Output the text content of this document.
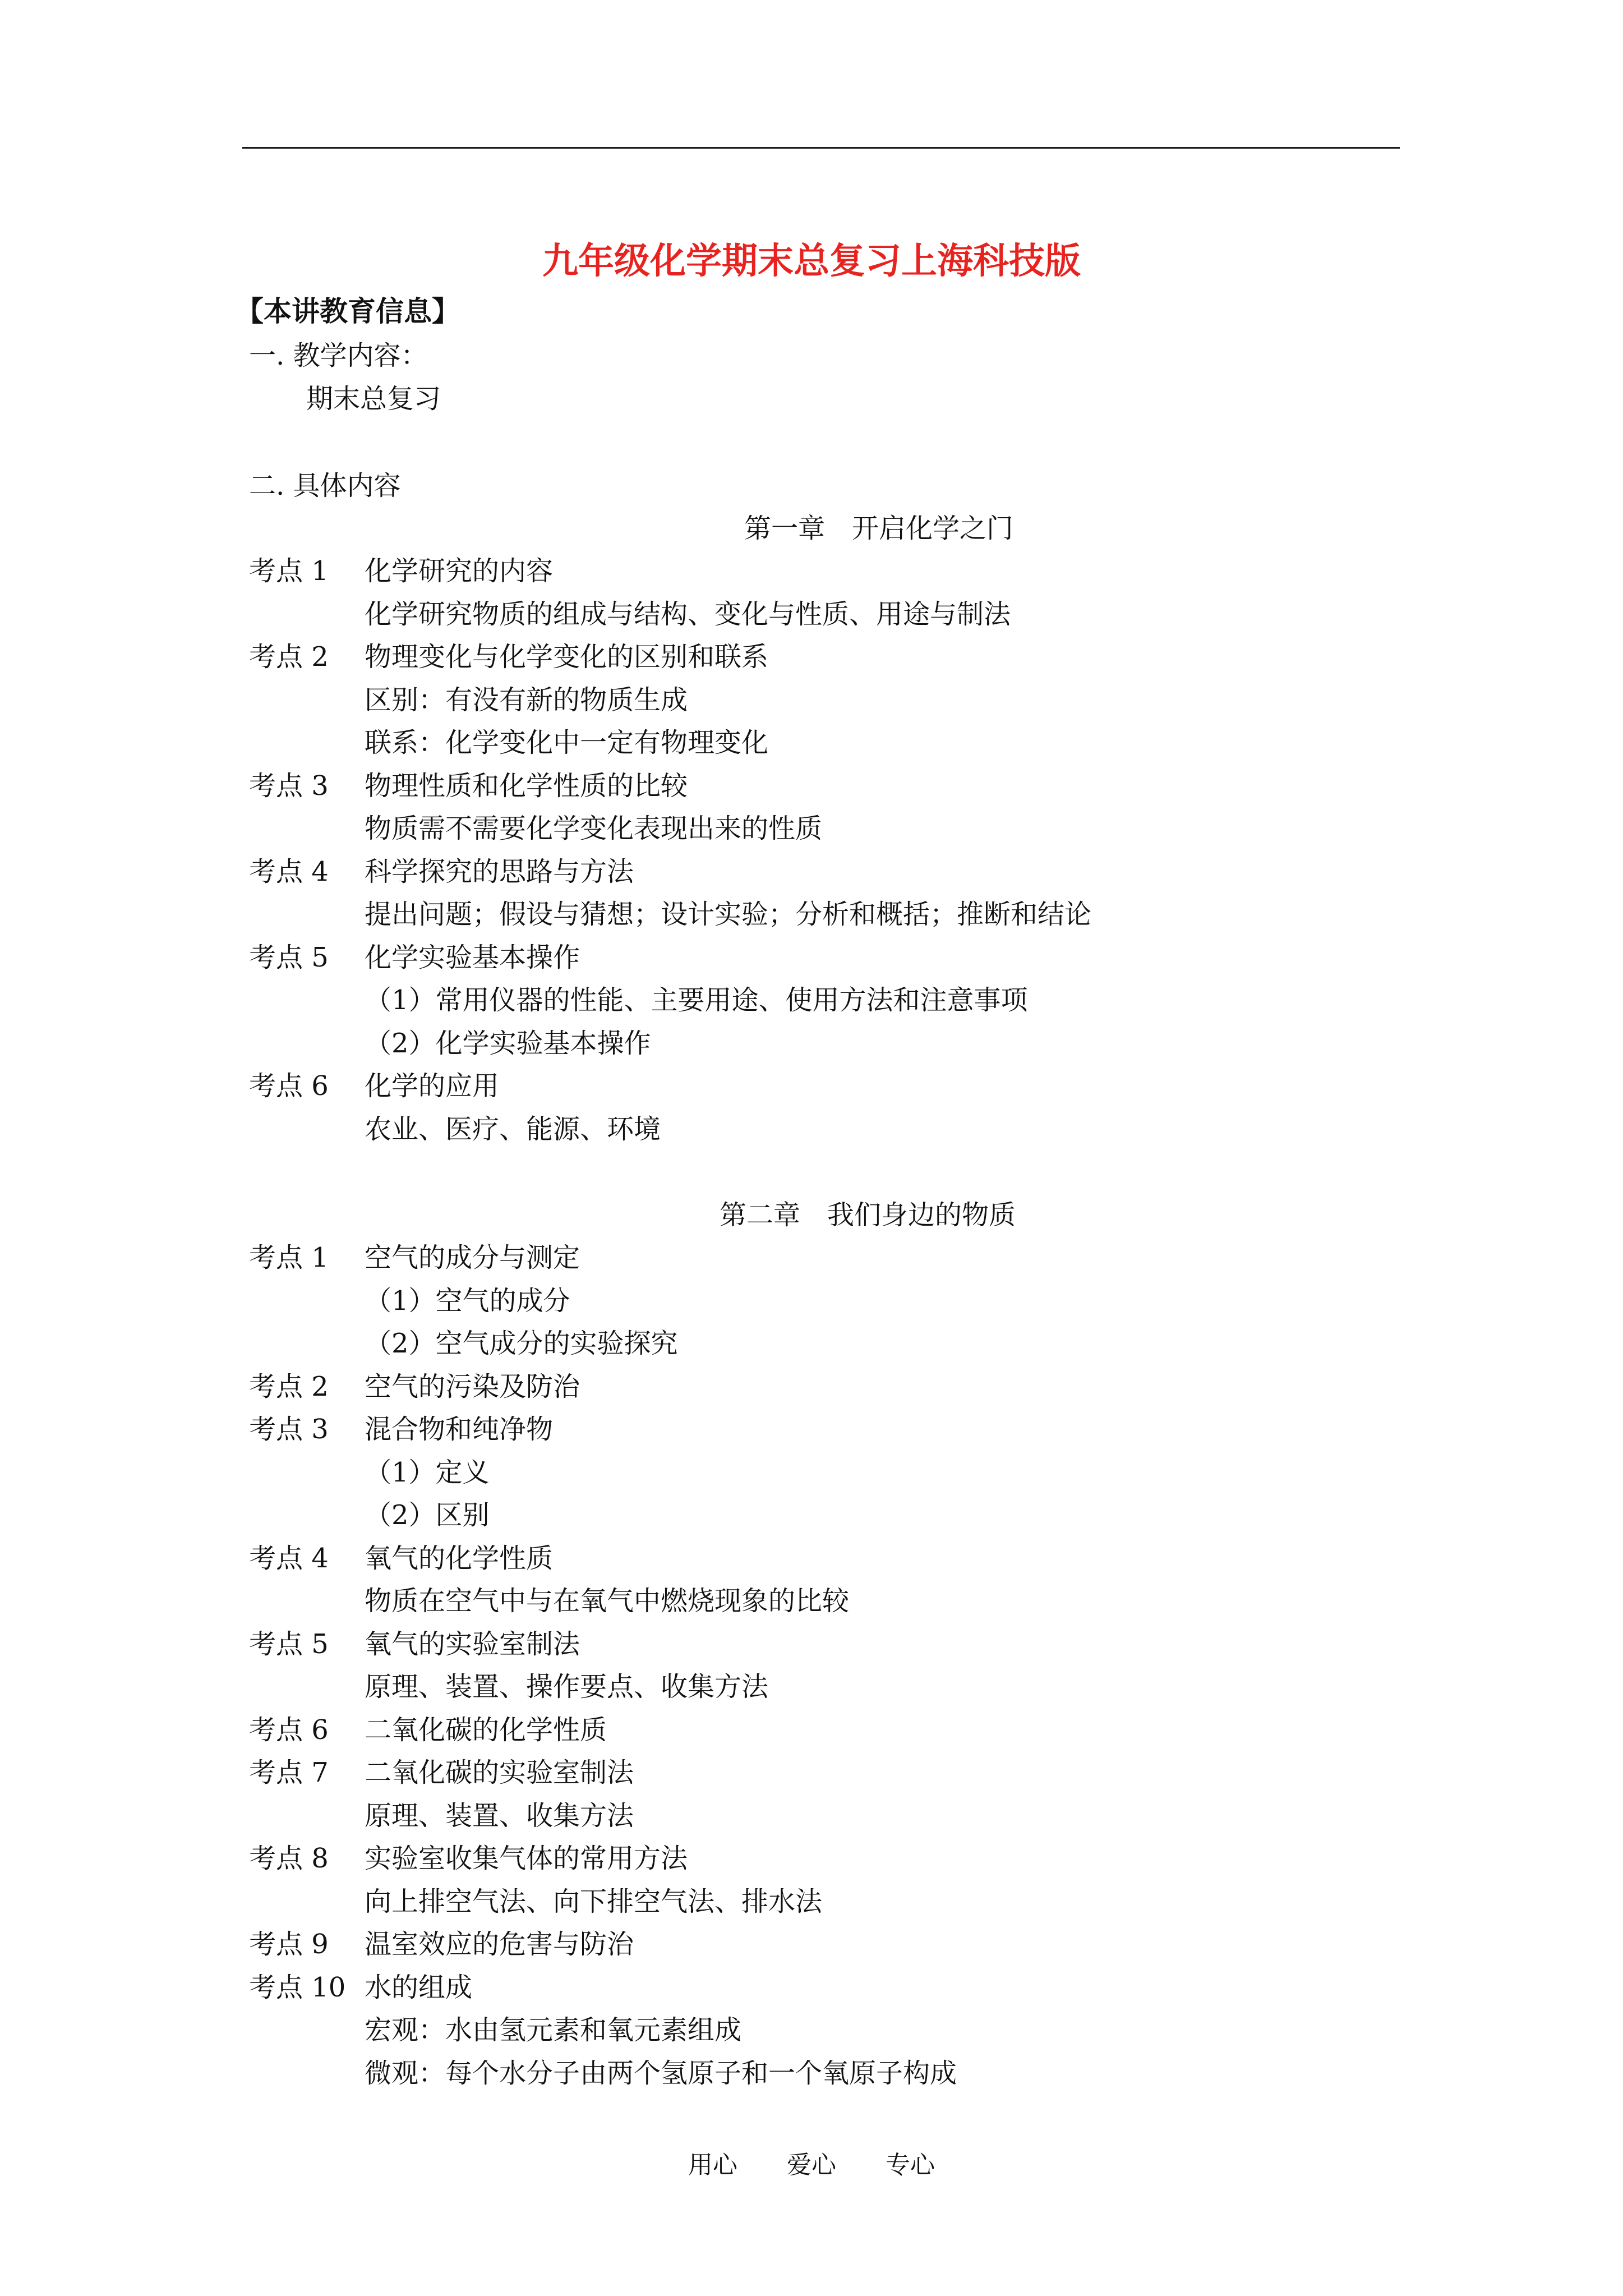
九年级化学期末总复习上海科技版
【本讲教育信息】
一. 教学内容：
期末总复习
二. 具体内容
第一章　开启化学之门
考点 1 化学研究的内容
化学研究物质的组成与结构、变化与性质、用途与制法
考点 2 物理变化与化学变化的区别和联系
区别：有没有新的物质生成
联系：化学变化中一定有物理变化
考点 3 物理性质和化学性质的比较
物质需不需要化学变化表现出来的性质
考点 4 科学探究的思路与方法
提出问题；假设与猜想；设计实验；分析和概括；推断和结论
考点 5 化学实验基本操作
（1）常用仪器的性能、主要用途、使用方法和注意事项
（2）化学实验基本操作
考点 6 化学的应用
农业、医疗、能源、环境
第二章　我们身边的物质
考点 1 空气的成分与测定
（1）空气的成分
（2）空气成分的实验探究
考点 2 空气的污染及防治
考点 3 混合物和纯净物
（1）定义
（2）区别
考点 4 氧气的化学性质
物质在空气中与在氧气中燃烧现象的比较
考点 5 氧气的实验室制法
原理、装置、操作要点、收集方法
考点 6 二氧化碳的化学性质
考点 7 二氧化碳的实验室制法
原理、装置、收集方法
考点 8 实验室收集气体的常用方法
向上排空气法、向下排空气法、排水法
考点 9 温室效应的危害与防治
考点 10 水的组成
宏观：水由氢元素和氧元素组成
微观：每个水分子由两个氢原子和一个氧原子构成
用心　　爱心　　专心
